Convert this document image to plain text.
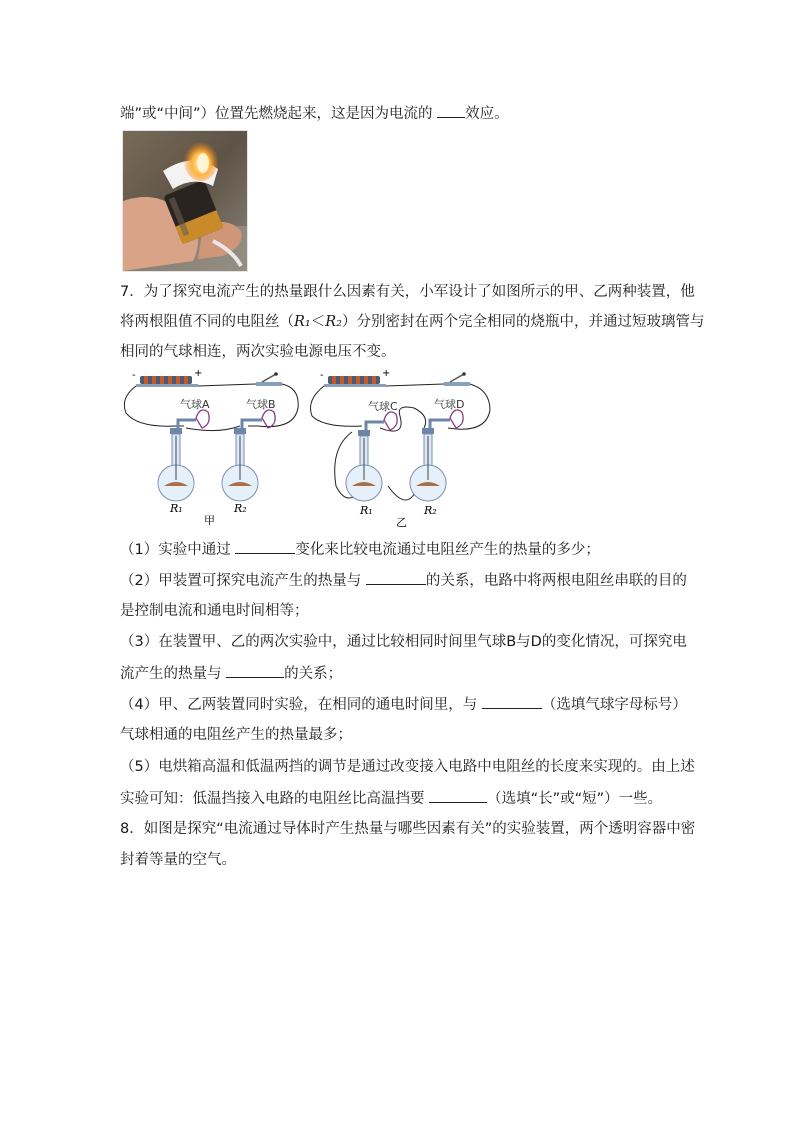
端”或“中间”）位置先燃烧起来，这是因为电流的 效应。
7．为了探究电流产生的热量跟什么因素有关，小军设计了如图所示的甲、乙两种装置，他
将两根阻值不同的电阻丝（R₁＜R₂）分别密封在两个完全相同的烧瓶中，并通过短玻璃管与
相同的气球相连，两次实验电源电压不变。
-	+
气球A	气球B
R₁	R₂
甲
-	+
气球C	气球D
R₁	R₂
乙
（1）实验中通过	变化来比较电流通过电阻丝产生的热量的多少；
（2）甲装置可探究电流产生的热量与	的关系，电路中将两根电阻丝串联的目的
是控制电流和通电时间相等；
（3）在装置甲、乙的两次实验中，通过比较相同时间里气球B与D的变化情况，可探究电
流产生的热量与	的关系；
（4）甲、乙两装置同时实验，在相同的通电时间里，与	（选填气球字母标号）
气球相通的电阻丝产生的热量最多；
（5）电烘箱高温和低温两挡的调节是通过改变接入电路中电阻丝的长度来实现的。由上述
实验可知：低温挡接入电路的电阻丝比高温挡要	（选填“长”或“短”）一些。
8．如图是探究“电流通过导体时产生热量与哪些因素有关”的实验装置，两个透明容器中密
封着等量的空气。
